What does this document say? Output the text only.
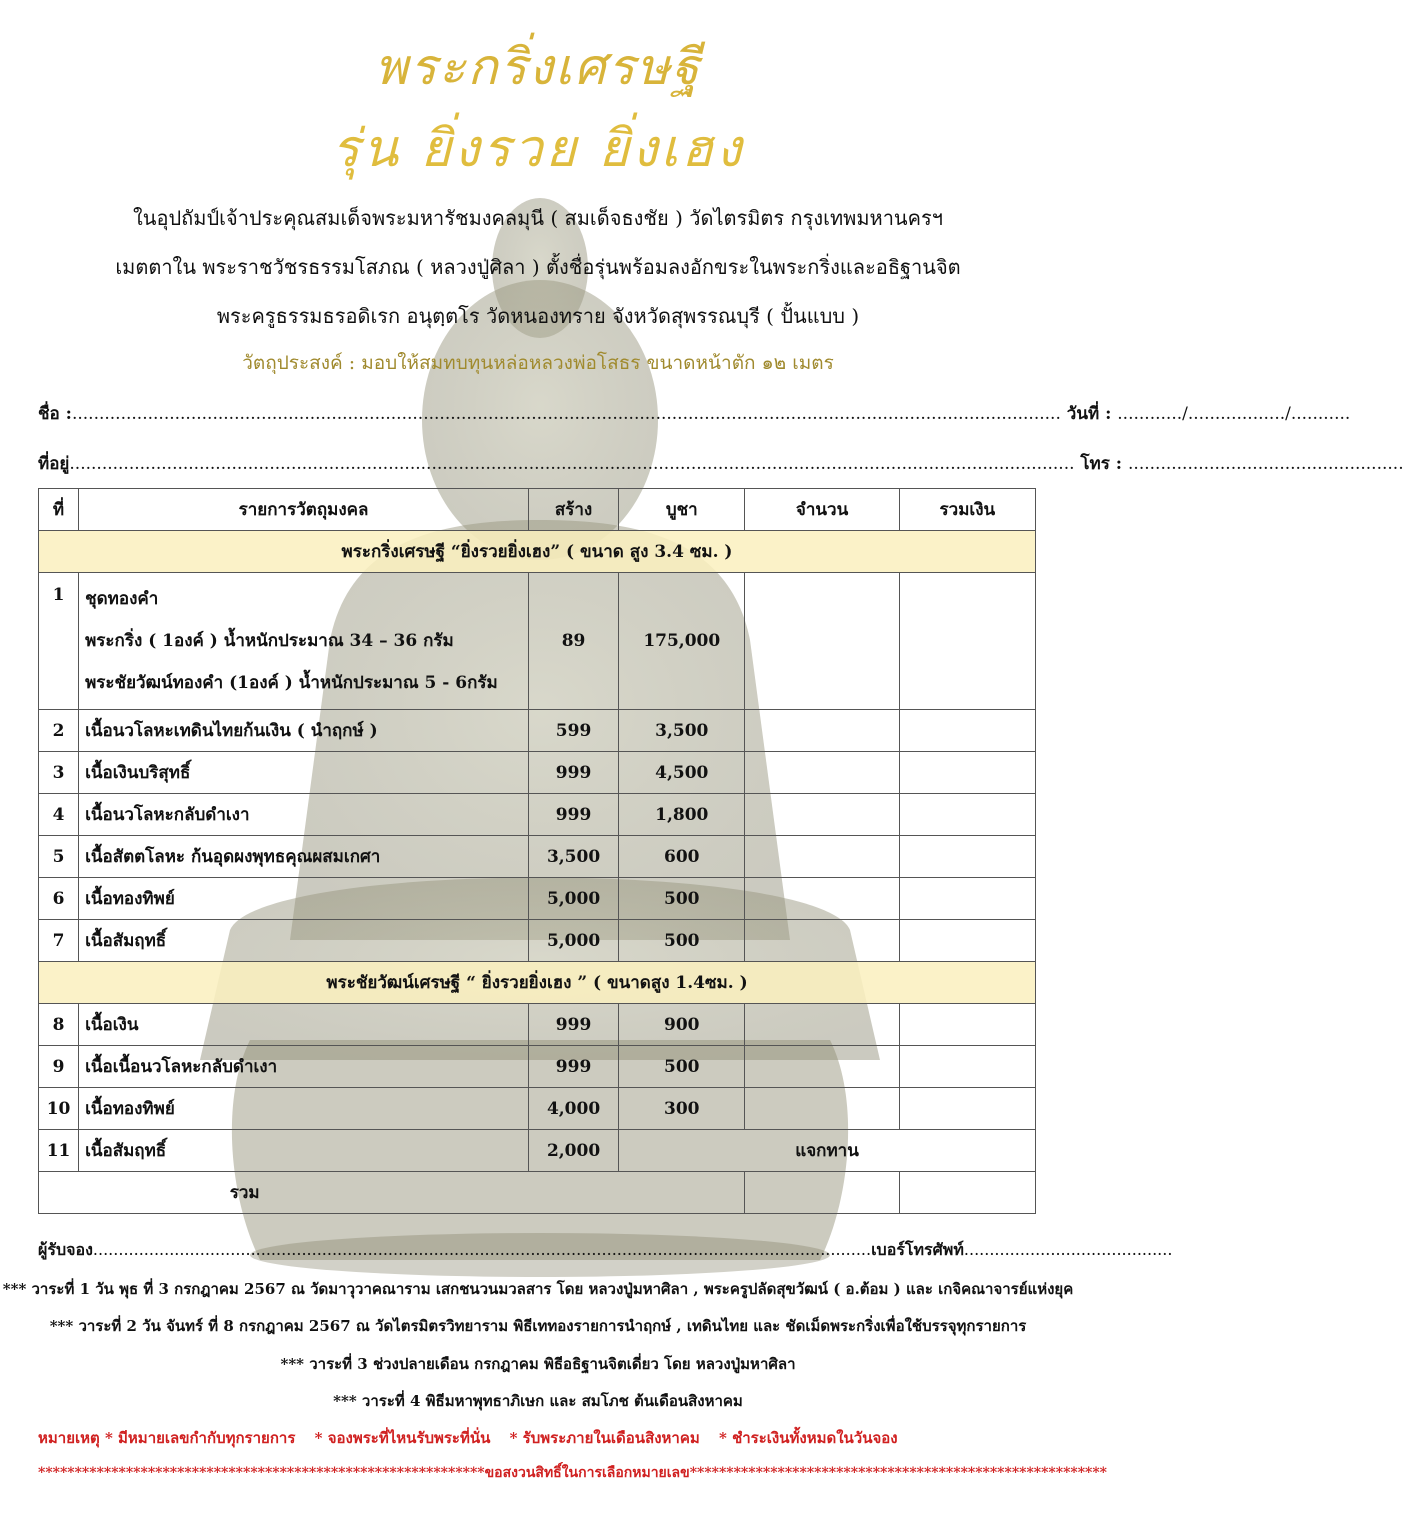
พระกริ่งเศรษฐี
รุ่น ยิ่งรวย ยิ่งเฮง
ในอุปถัมป์เจ้าประคุณสมเด็จพระมหารัชมงคลมุนี ( สมเด็จธงชัย ) วัดไตรมิตร กรุงเทพมหานครฯ
เมตตาใน พระราชวัชรธรรมโสภณ ( หลวงปู่ศิลา ) ตั้งชื่อรุ่นพร้อมลงอักขระในพระกริ่งและอธิฐานจิต
พระครูธรรมธรอดิเรก อนุตฺตโร วัดหนองทราย จังหวัดสุพรรณบุรี ( ปั้นแบบ )
วัตถุประสงค์ : มอบให้สมทบทุนหล่อหลวงพ่อโสธร ขนาดหน้าตัก ๑๒ เมตร
ชื่อ :....................................................................................................................................................................................... วันที่ : ............/................../...........
ที่อยู่.......................................................................................................................................................................................... โทร : ...................................................
ที่	รายการวัตถุมงคล	สร้าง	บูชา	จำนวน	รวมเงิน
พระกริ่งเศรษฐี “ยิ่งรวยยิ่งเฮง” ( ขนาด สูง 3.4 ซม. )					
1	ชุดทองคำ
พระกริ่ง ( 1องค์ ) น้ำหนักประมาณ 34 – 36 กรัม
พระชัยวัฒน์ทองคำ (1องค์ ) น้ำหนักประมาณ 5 - 6กรัม	89	175,000		
2	เนื้อนวโลหะเทดินไทยก้นเงิน ( นำฤกษ์ )	599	3,500		
3	เนื้อเงินบริสุทธิ์	999	4,500		
4	เนื้อนวโลหะกลับดำเงา	999	1,800		
5	เนื้อสัตตโลหะ ก้นอุดผงพุทธคุณผสมเกศา	3,500	600		
6	เนื้อทองทิพย์	5,000	500		
7	เนื้อสัมฤทธิ์	5,000	500		
พระชัยวัฒน์เศรษฐี “ ยิ่งรวยยิ่งเฮง ” ( ขนาดสูง 1.4ซม. )					
8	เนื้อเงิน	999	900		
9	เนื้อเนื้อนวโลหะกลับดำเงา	999	500		
10	เนื้อทองทิพย์	4,000	300		
11	เนื้อสัมฤทธิ์	2,000	แจกทาน		
รวม					
ผู้รับจอง.........................................................................................................................................................เบอร์โทรศัพท์.........................................
*** วาระที่ 1 วัน พุธ ที่ 3 กรกฎาคม 2567 ณ วัดมาวุวาคณาราม เสกชนวนมวลสาร โดย หลวงปู่มหาศิลา , พระครูปลัดสุขวัฒน์ ( อ.ต้อม ) และ เกจิคณาจารย์แห่งยุค
*** วาระที่ 2 วัน จันทร์ ที่ 8 กรกฎาคม 2567 ณ วัดไตรมิตรวิทยาราม พิธีเททองรายการนำฤกษ์ , เทดินไทย และ ชัดเม็ดพระกริ่งเพื่อใช้บรรจุทุกรายการ
*** วาระที่ 3 ช่วงปลายเดือน กรกฎาคม พิธีอธิฐานจิตเดี่ยว โดย หลวงปู่มหาศิลา
*** วาระที่ 4 พิธีมหาพุทธาภิเษก และ สมโภช ต้นเดือนสิงหาคม
หมายเหตุ * มีหมายเลขกำกับทุกรายการ * จองพระที่ไหนรับพระที่นั่น * รับพระภายในเดือนสิงหาคม * ชำระเงินทั้งหมดในวันจอง
*************************************************************ขอสงวนสิทธิ์ในการเลือกหมายเลข*********************************************************
